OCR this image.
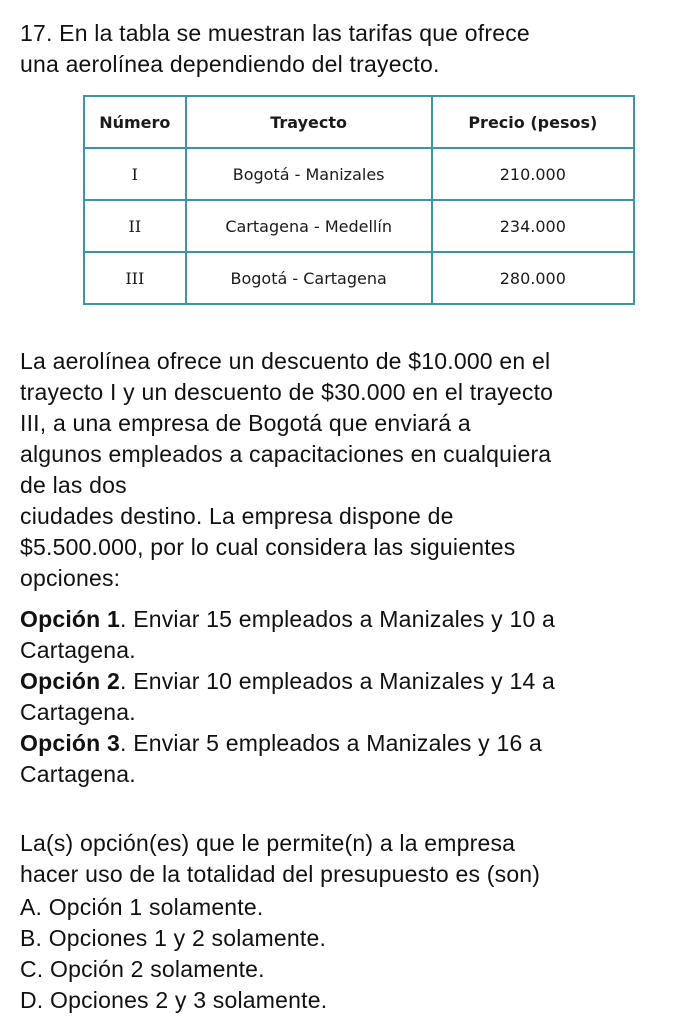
17. En la tabla se muestran las tarifas que ofrece

una aerolínea dependiendo del trayecto.

Número	Trayecto	Precio (pesos)
I	Bogotá - Manizales	210.000
II	Cartagena - Medellín	234.000
III	Bogotá - Cartagena	280.000

La aerolínea ofrece un descuento de $10.000 en el

trayecto I y un descuento de $30.000 en el trayecto

III, a una empresa de Bogotá que enviará a

algunos empleados a capacitaciones en cualquiera

de las dos

ciudades destino. La empresa dispone de

$5.500.000, por lo cual considera las siguientes

opciones:

Opción 1. Enviar 15 empleados a Manizales y 10 a

Cartagena.

Opción 2. Enviar 10 empleados a Manizales y 14 a

Cartagena.

Opción 3. Enviar 5 empleados a Manizales y 16 a

Cartagena.

La(s) opción(es) que le permite(n) a la empresa

hacer uso de la totalidad del presupuesto es (son)

A. Opción 1 solamente.
B. Opciones 1 y 2 solamente.
C. Opción 2 solamente.
D. Opciones 2 y 3 solamente.
